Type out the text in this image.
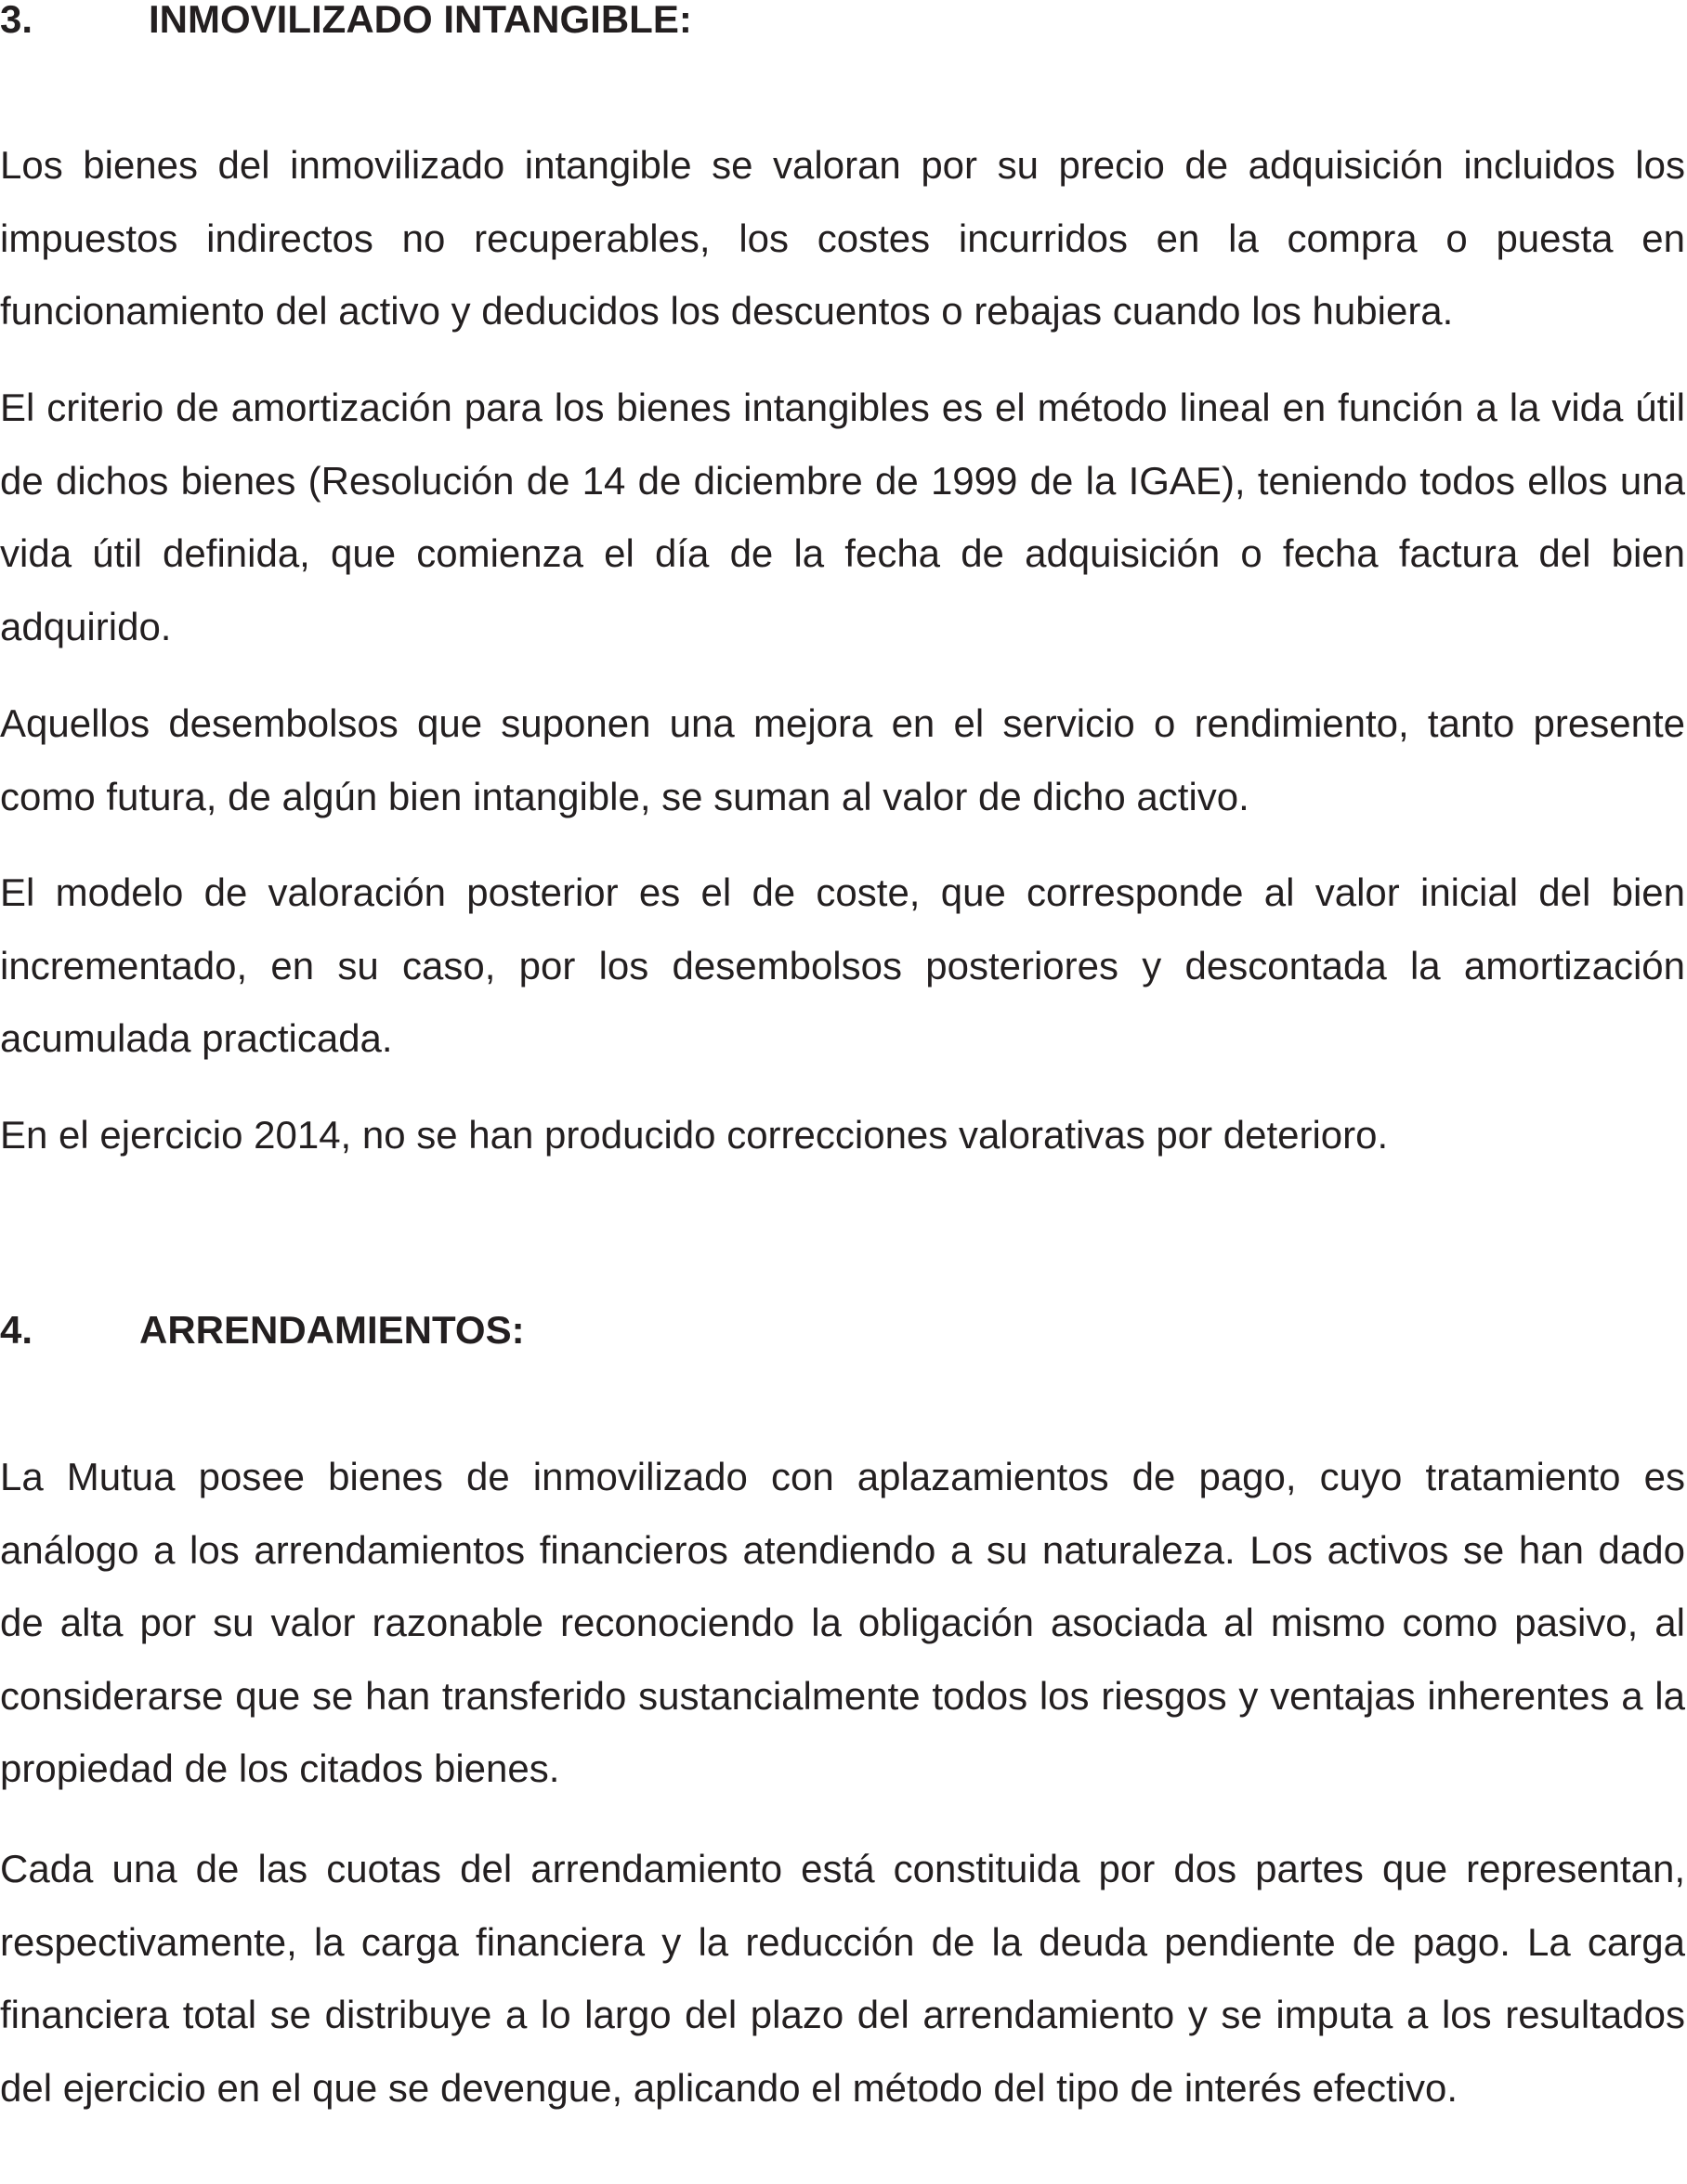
3.	INMOVILIZADO INTANGIBLE:

Los bienes del inmovilizado intangible se valoran por su precio de adquisición incluidos los impuestos indirectos no recuperables, los costes incurridos en la compra o puesta en funcionamiento del activo y deducidos los descuentos o rebajas cuando los hubiera.

El criterio de amortización para los bienes intangibles es el método lineal en función a la vida útil de dichos bienes (Resolución de 14 de diciembre de 1999 de la IGAE), teniendo todos ellos una vida útil definida, que comienza el día de la fecha de adquisición o fecha factura del bien adquirido.

Aquellos desembolsos que suponen una mejora en el servicio o rendimiento, tanto presente como futura, de algún bien intangible, se suman al valor de dicho activo.

El modelo de valoración posterior es el de coste, que corresponde al valor inicial del bien incrementado, en su caso, por los desembolsos posteriores y descontada la amortización acumulada practicada.

En el ejercicio 2014, no se han producido correcciones valorativas por deterioro.

4.	ARRENDAMIENTOS:

La Mutua posee bienes de inmovilizado con aplazamientos de pago, cuyo tratamiento es análogo a los arrendamientos financieros atendiendo a su naturaleza. Los activos se han dado de alta por su valor razonable reconociendo la obligación asociada al mismo como pasivo, al considerarse que se han transferido sustancialmente todos los riesgos y ventajas inherentes a la propiedad de los citados bienes.

Cada una de las cuotas del arrendamiento está constituida por dos partes que representan, respectivamente, la carga financiera y la reducción de la deuda pendiente de pago. La carga financiera total se distribuye a lo largo del plazo del arrendamiento y se imputa a los resultados del ejercicio en el que se devengue, aplicando el método del tipo de interés efectivo.
